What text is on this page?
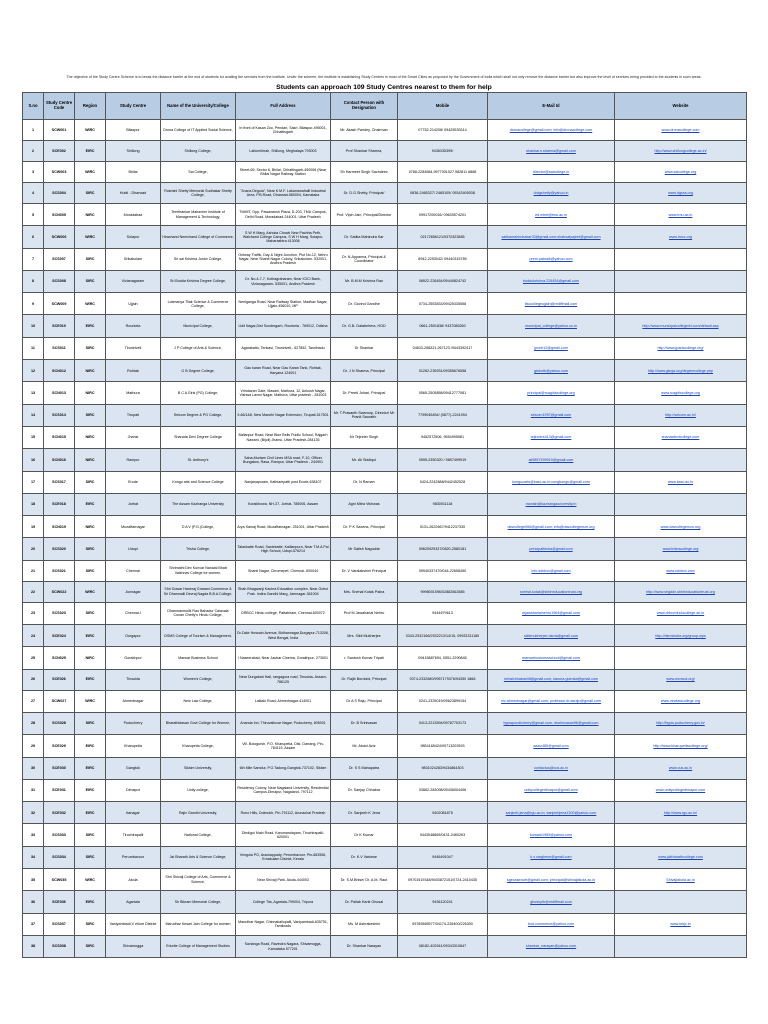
The objective of the Study Centre Scheme is to break the distance barrier at the end of students for availing the services from the institute. Under the scheme, the institute is establishing Study Centres in most of the Smart Cities as proposed by the Government of India which shall not only remove the distance barrier but also improve the level of services being provided to the students in such areas.

Students can approach 109 Study Centres nearest to them for help
S.no	Study Centre Code	Region	Study Centre	Name of the University/College	Full Address	Contact Person with Designation	Mobile	E-Mail Id	Website
1	SCW001	WIRC	Bilaspur	Drona College of IT Applied Social Science,	In front of Kasan Zoo, Pendari, Sakri, Bilaspur-495001, Chhattisgarh	Mr. Akash Pandey, Chairman	07752-214208/ 09425539314	dronacollege@gmail.com; info@dronacollege.com	www.dronacollege.com
2	SCE002	EIRC	Shillong	Shillong College,	Laitumkhrah, Shillong, Meghalaya 793003	Prof Shankar Sharma,	9436335399/	shankar.s.sharma@gmail.com	http://www.shillongcollege.ac.in/
3	SCW003	WIRC	Bhilai	Sai College,	Street-69, Sector 6, Bhilai, Chhattisgarh-490006 (Near Bhilai Nagar Railway Station	Sh Harmeet Singh Sachdeev	0788-2284584,9977001027,982811 6868	director@saicollege.in	www.saicollege.org
4	SCS004	SIRC	Hubli - Dharwad	Rukmini Shetty Memorial Sudhakar Shetty College,	"Jnana Degula", Near K.M.F. Lakamanahalli Industrial Area, P.B.Road, Dharwad-580004, Karnataka	Dr. D.G.Shetty, Principal/	0836-2465327/ 2465105/ 09343400038	drdgshetty@yahoo.in	www.dgsss.org
5	SCN005	NIRC	Moradabad	Teerthankar Mahaveer Institute of Management & Technology,	TMIMT, Opp. Pawanansh Plaza, D-203, TMU Campus, Delhi Road, Moradabad-244001, Uttar Pradesh	Prof. Vipin Jain, Principal/Director	09917200016/ 09639574201	ed.mimt@tmu.ac.in	www.tmu.ac.in
6	SCW006	WIRC	Solapur	Hirachand Nemchand College of Commerce,	S W H Marg, Ashoka Chowk New Pachha Peth, Walchand College Campus, S W H Marg, Solapur, Maharashtra 413006	Dr. Satika Mahindra Kar	02172656121/9370323585	satikamahindrakar33@gmail.com;shahsatyajeet@gmail.com	www.hncc.org
7	SCS007	SIRC	Srikakulam	Sri sai Krishna Junior College,	Ontway Traffic, Day & Night Junction, Plot No-12, Nehru Nagar, Near Shanti Nagar Colony, Srikakulam- 532001, Andhra Pradesh	Dr. N.Appanna, Principal & Coordinator	8942-2253042/ 09440315789	prem.patnaik@yahoo.com	
8	SCS008	SIRC	Vizianagaram	Sri Bodda Krishna Degree College,	Dr. No-4-7-7, Kothagraharam, Near ICICI Bank, Vizianagaram- 535001, Andhra Pradesh	Mr. B.M.M Krishna Rao	08922-226454/09440824742	boddukrishna.226454@gmail.com	
9	SCW009	WIRC	Ujjain	Lokmanya Tilak Science & Commerce College,	Neelganga Road, Near Railway Station, Madhav Nagar, Ujjain-456010, MP	Dr. Govind Gandhe	0734-2553833/09425335558	ltsccollegeujjain@rediffmail.com	
10	SCE010	EIRC	Rourkela	Municipal College,	Udit Nagar,Dist Sundergarh, Rourkela - 769012, Odisha	Dr. G.B. Dalabehera, HOD	0661-2501838/ 9437085260	municipal_college@yahoo.co.in	http://www.municipalcollegerkl.com/default.asp
11	SCS011	SIRC	Tirunelveli	J P College of Arts & Science,	Agarakattu, Tenkasi, Tirunelveli,- 627852, Tamilnadu	Dr Shankar	04633-268321,267123 /9443392417	jpcetr12@gmail.com	http://www.jpartscollege.org/
12	SCN012	NIRC	Rohtak	G B Degree College,	Gau karan Road, Near Gau Karan Tank, Rohtak, Haryana 124001	Dr. J N Sharma, Principal	01262-235931/09355676558	gbdcrtk@yahoo.com	http://www.gbrgs.org/degreecollege.php
13	SCN013	NIRC	Mathura	B C A Girls (PG) College,	Vrindavan Gate, Masani, Mathura, 12, Ankush Nagar, Vishwa Laxmi Nagar, Mathura, Uttar pradesh - 281003	Dr. Preeti Johari, Principal	0565-2505858/09412777081	principal@rcagirlscollege.org	www.rcagirlscollege.org
14	SCS014	SIRC	Tirupati	Seicom Degree & PG College,	9-66/1&8, New Maruthi Nagar Extension, Tirupati-517501	Mr. T.Prasanth Swaroop, Director/ Mr Pranit Saurabh	7799045454/ (0877)-2241094	seicom1997@gmail.com	http://seicom.ac.in/
15	SCN015	NIRC	Jhansi	Sharada Devi Degree College	Ballanpur Road, Near Blue Bells Public School, Rajgarh Nawani, (Bijoli) Jhansi- Uttar Pradesh-284135	Mr Tejinder Singh	9452572506, 9554995981	tejinders413@gmail.com	shardadevicollege.com
16	SCN016	NIRC	Rampur	St. Anthony's	Saha-Murtam Civil Lines MSA road, F-10, Officer Bungalow, Rasa, Rampur, Uttar Pradesh - 244901	Mr. Ali Siddiqui	0595-2350320 / 9897499919	ali9897499919@gmail.com	
17	SCS017	SIRC	Erode	Kongu arts and Science College	Nanjanapuram, Kathiampatti post Erode-638107	Dr. N Raman	0424-2242888/9442452528	kongucarts@kasc.ac.in;congkongu@gmail.com	www.kasc.ac.in
18	SCE018	EIRC	Jorhat	The Assam Kaziranga University	Koraikhowa, NH-37, Jorhat- 785006, Assam	Agni Mitra Vishwas	9830011118	manish@kazirangauniversity.in	
19	SCN019	NIRC	Muzaffarnagar	D A V (P.G.)College,	Arya Samaj Road, Muzaffarnagar- 251001, Uttar Pradesh	Dr. P K Saxena, Principal	0131-2622667/9412237330	davcollege066@gmail.com; info@davcollegemzn.org	www.davcollegemzn.org
20	SCS020	SIRC	Udupi	Trisha College,	Talankatte Road, Santekatte, Kallianpura, Near T.M.A Pai High School, Udupi-576214	Mr Satish Nagodde	09620929337/0820-2580181	principaltrisha@gmail.com	www.trishacollege.org
21	SCS021	SIRC	Chennai	Shrimathi Dev Kunvar Nanalal Bhatt Vaishnav College for women,	Shanti Nagar, Chromepet, Chennai- 600044	Dr. V Varalakshmi Principal	09940337470/044-22658450	info.sdnbvc@gmail.com	www.sdnbvc.com
22	SCW022	WIRC	Junnagar	Shri Gowar Haneraj Gnarani Commerce & Sri Dhanmalli Devraj Nagda B.B.A College,	Shah Bhagwanji Kachra Education complex, Near Octroi Post- Indira Gandhi Marg, Jamnagar-361004	Mrs. Snehal Kotak Palna	9998001596/02882562885	snehal.kotak@shbheducationtrust.org	http://www.shgddn.shbheducationtrust.org
23	SCS023	SIRC	Chennai-I	Dhanmanmolik Rao Bahadur Calavala Cunan Chetty's Hindu College,	DRBCC Hindu college, Pattabiram, Chennai-600072	Prof M Jawaharlal Nehru	9444679613	mjawaharlalnehru1964@gmail.com	www.drbcchinducollege.ac.in
24	SCE024	EIRC	Durgapur	DSMS College of Tourism & Management,	Dr.Zakir Hussain Avenue, Bidhannagar,Durgapur-713206, West Bengal, India	Mrs. Sikti Mukherjee	0343-2532166/2532213/14/15, 09933311180	siktimukherjee.dsms@gmail.com	http://dsmsindia.org/group-wps
25	SCN025	NIRC	Gorakhpur	Marwar Business School	I Naseerabad, Near Jaubar Cinema, Gorakhpur- 273001	r. Santosh Kumar Tripati	09415887694, 0551-2290845	marwarbusinessschool@gmail.com	
26	SCE026	EIRC	Tinsukia	Women's College,	Near Durgabari Hall, rangagora road, Tinsukia- Assam- 786125	Dr. Rajib Bordoloi, Principal	0374-2332680/9957179376/94350 1868	nehalchhabaniitl@gmail.com; karuna.goenka@gmail.com	www.wcmcol.org/
27	SCW027	WIRC	Ahmednagar	New Law College,	Lalkaki Road, Ahmednagar-414001	Dr A S Raju, Principal	0241-2325019/09623899154	nlc.ahmednagar@gmail.com; professor.dr.asraju@gmail.com	www.newlawcollege.org
28	SCS028	SIRC	Puducherry	Bharathidasan Govt College for Women,	Ananda Inn, Thiruvalluvar Nagar, Puducherry, 605001	Dr. B Srinivasan	0413-2213594/09787703173	bgcwpondicherry@gmail.com; drsrinivasan96@gmail.com	http://bgcw.puducherry.gov.in/
29	SCE029	EIRC	Kharupetia	Kharupetia College,	Vill. Bologursh, P.O. Kharupetia, Dist. Darrang, Pin- 784115, Assam	Mr. Abdul Aziz	9854165424/09713203593	aaziz485@gmail.com	http://www.kharupetiacollege.org/
30	SCE030	EIRC	Gangtok	Sikkim University,	6th Mile Samdur, P.O.Tadong,Gangtok-737102, Sikkim	Dr. S S Mahapatra	9831024283/9434864303	contactus@cus.ac.in	www.cus.ac.in
31	SCE031	EIRC	Dimapur	Unity college,	Residency Colony, Near Nagaland University, Residential Campus,Dimapur, Nagaland- 797112	Dr. Sanjay Chhabra	03862-283098/09436004406	unitycollegedimapur@gmail.com	www.unitycollegedimapur.com
32	SCE032	EIRC	Itanagar	Rajiv Gandhi University,	Rono Hills, Doimukh, Pin-791112, Arunachal Pradesh	Dr. Sanjeeb K Jena	9402081875	sanjeeb.jena@rgu.ac.in; sanjeebjena1300@yahoo.com	http://www.rgu.ac.in/
33	SCS033	SIRC	Tiruchirapalli	National College,	Dindigul Main Road, Karumandapam, Tiruchirapalli-620001	Dr K Kumar	9443548869/0431-2460263	kumark1969@yahoo.com	
34	SCS034	SIRC	Perumbavoor	Jai Bharath Arts & Science College,	Vengola PO, Arackappady, Perumbavoor, Pin-683556, Ernakulam District, Kerala	Dr. K.V Varkese	9446491047	k.v.varghese@gmail.com	www.jaibharathcollege.com
35	SCW035	WIRC	Akola	Shri Shivaji College of Arts, Commerce & Science,	Near Shivaji Park, Akola-444003	Dr. S.M.Bhise/ Dr. A.M. Raut	09701519348/9403872151/0724-2410435	sgecasexcel@gmail.com; principal@shivajiakola.ac.in	Shivajiakola.ac.in
36	SCE036	EIRC	Agartala	Sir Bikram Memorial College,	College Tila, Agartala-799004, Tripura	Dr. Pallab Kanti Ghosal	9436120241	ghoshplb@rediffmail.com	
37	SCS037	SIRC	Vaniyambadi,V ellore District	Marudhar Kesari Jain College for women	Marudhar Nagar, Chinnakallupalli, Vaniyambadi-635751, Tamilnadu	Ms. M Ashrakeshini	09789565577/04174-226400/226300	bod.commerce@yahoo.com	www.mkjc.in
38	SCS038	SIRC	Shivamogga	Edurite College of Management Studies	Savlanga Road, Ravindra Nagara, Shivamogga, Karnataka 577201	Dr. Shankar Narayan	08182-402541/09343310847	shankar_narayan@yahoo.com	
